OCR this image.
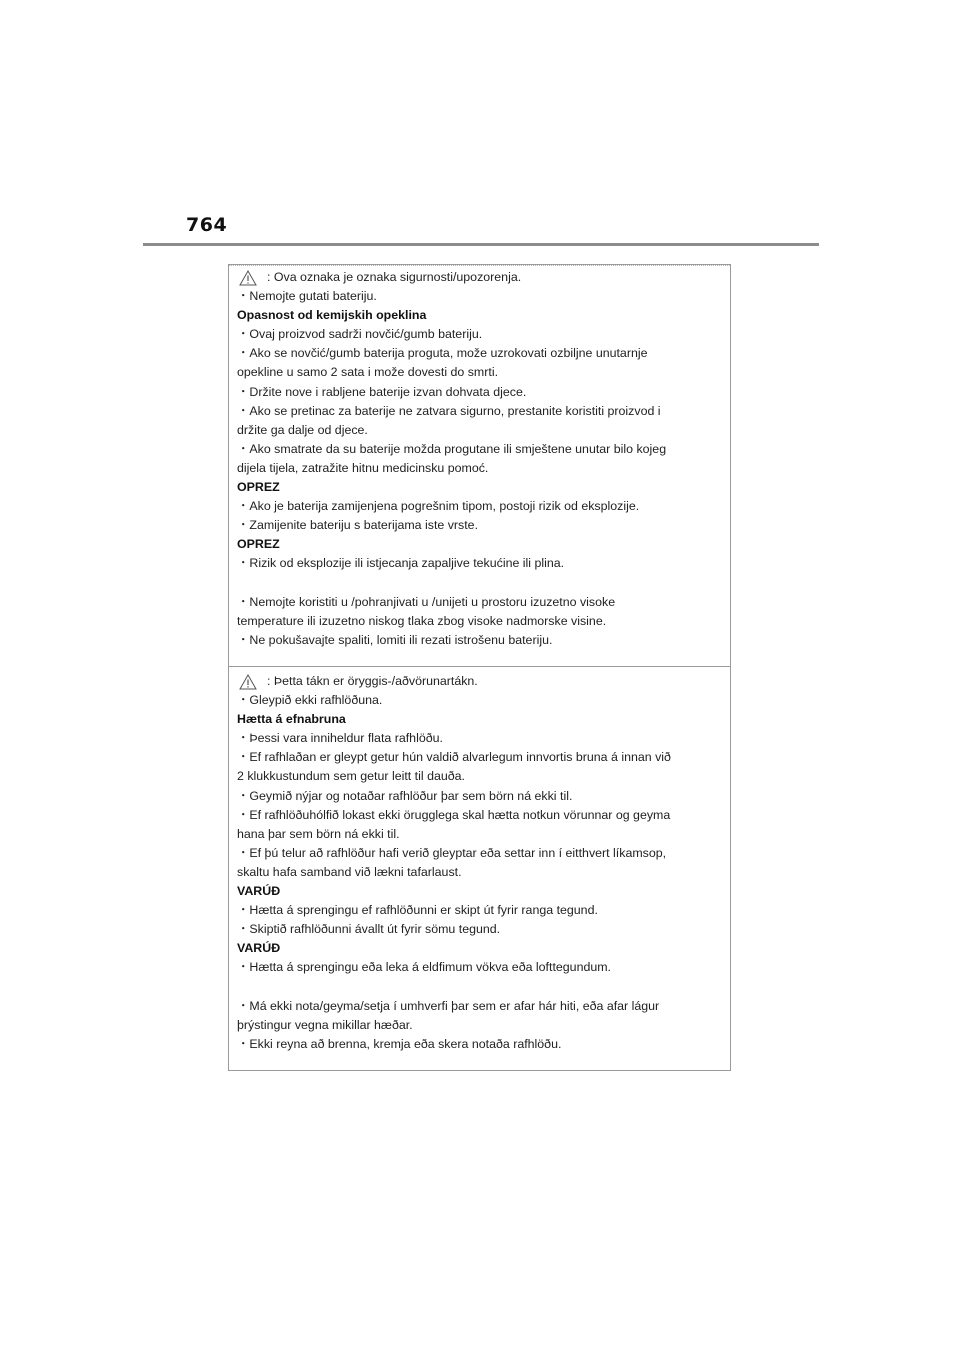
764
: Ova oznaka je oznaka sigurnosti/upozorenja.
・Nemojte gutati bateriju.
Opasnost od kemijskih opeklina
・Ovaj proizvod sadrži novčić/gumb bateriju.
・Ako se novčić/gumb baterija proguta, može uzrokovati ozbiljne unutarnje
opekline u samo 2 sata i može dovesti do smrti.
・Držite nove i rabljene baterije izvan dohvata djece.
・Ako se pretinac za baterije ne zatvara sigurno, prestanite koristiti proizvod i
držite ga dalje od djece.
・Ako smatrate da su baterije možda progutane ili smještene unutar bilo kojeg
dijela tijela, zatražite hitnu medicinsku pomoć.
OPREZ
・Ako je baterija zamijenjena pogrešnim tipom, postoji rizik od eksplozije.
・Zamijenite bateriju s baterijama iste vrste.
OPREZ
・Rizik od eksplozije ili istjecanja zapaljive tekućine ili plina.
・Nemojte koristiti u /pohranjivati u /unijeti u prostoru izuzetno visoke
temperature ili izuzetno niskog tlaka zbog visoke nadmorske visine.
・Ne pokušavajte spaliti, lomiti ili rezati istrošenu bateriju.
: Þetta tákn er öryggis-/aðvörunartákn.
・Gleypið ekki rafhlöðuna.
Hætta á efnabruna
・Þessi vara inniheldur flata rafhlöðu.
・Ef rafhlaðan er gleypt getur hún valdið alvarlegum innvortis bruna á innan við
2 klukkustundum sem getur leitt til dauða.
・Geymið nýjar og notaðar rafhlöður þar sem börn ná ekki til.
・Ef rafhlöðuhólfið lokast ekki örugglega skal hætta notkun vörunnar og geyma
hana þar sem börn ná ekki til.
・Ef þú telur að rafhlöður hafi verið gleyptar eða settar inn í eitthvert líkamsop,
skaltu hafa samband við lækni tafarlaust.
VARÚÐ
・Hætta á sprengingu ef rafhlöðunni er skipt út fyrir ranga tegund.
・Skiptið rafhlöðunni ávallt út fyrir sömu tegund.
VARÚÐ
・Hætta á sprengingu eða leka á eldfimum vökva eða lofttegundum.
・Má ekki nota/geyma/setja í umhverfi þar sem er afar hár hiti, eða afar lágur
þrýstingur vegna mikillar hæðar.
・Ekki reyna að brenna, kremja eða skera notaða rafhlöðu.
